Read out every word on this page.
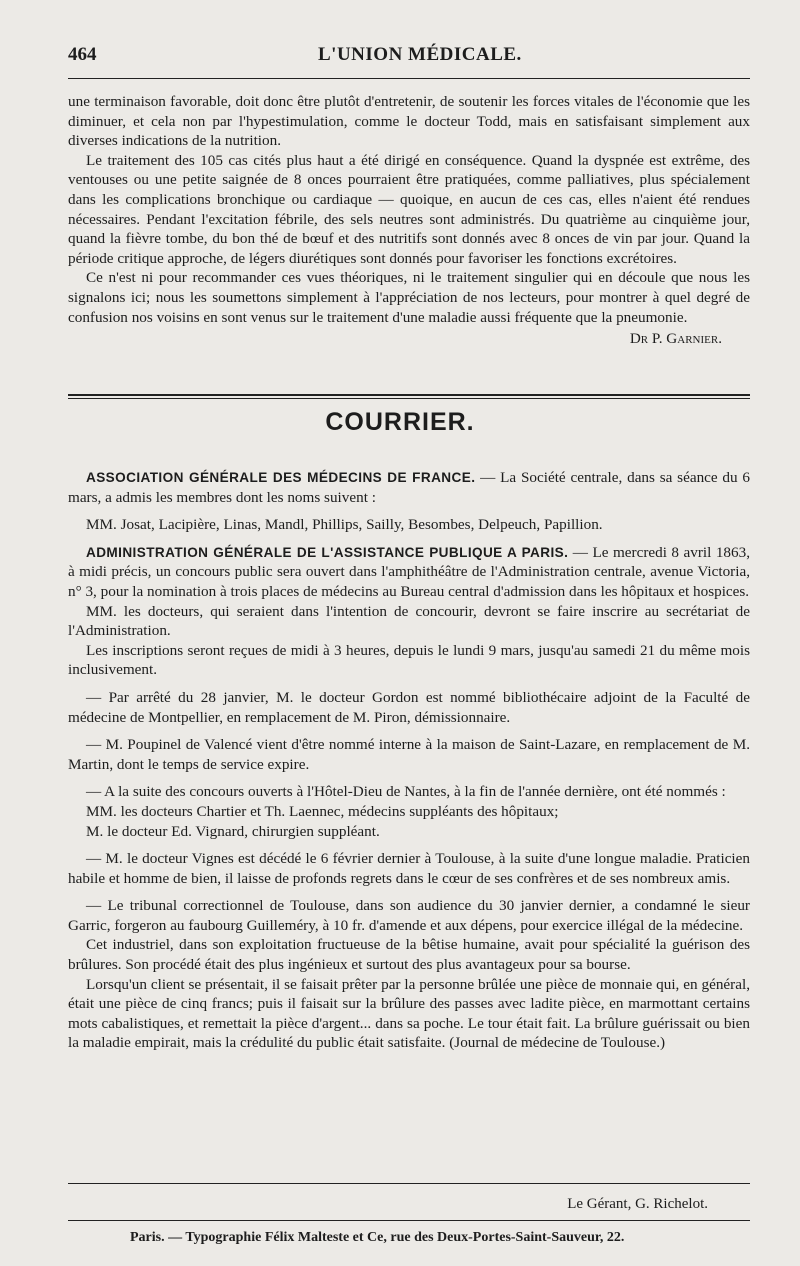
464	L'UNION MÉDICALE.

une terminaison favorable, doit donc être plutôt d'entretenir, de soutenir les forces vitales de l'économie que les diminuer, et cela non par l'hypestimulation, comme le docteur Todd, mais en satisfaisant simplement aux diverses indications de la nutrition.

Le traitement des 105 cas cités plus haut a été dirigé en conséquence. Quand la dyspnée est extrême, des ventouses ou une petite saignée de 8 onces pourraient être pratiquées, comme palliatives, plus spécialement dans les complications bronchique ou cardiaque — quoique, en aucun de ces cas, elles n'aient été rendues nécessaires. Pendant l'excitation fébrile, des sels neutres sont administrés. Du quatrième au cinquième jour, quand la fièvre tombe, du bon thé de bœuf et des nutritifs sont donnés avec 8 onces de vin par jour. Quand la période critique approche, de légers diurétiques sont donnés pour favoriser les fonctions excrétoires.

Ce n'est ni pour recommander ces vues théoriques, ni le traitement singulier qui en découle que nous les signalons ici; nous les soumettons simplement à l'appréciation de nos lecteurs, pour montrer à quel degré de confusion nos voisins en sont venus sur le traitement d'une maladie aussi fréquente que la pneumonie.

Dr P. Garnier.
COURRIER.

ASSOCIATION GÉNÉRALE DES MÉDECINS DE FRANCE. — La Société centrale, dans sa séance du 6 mars, a admis les membres dont les noms suivent :

MM. Josat, Lacipière, Linas, Mandl, Phillips, Sailly, Besombes, Delpeuch, Papillion.

ADMINISTRATION GÉNÉRALE DE L'ASSISTANCE PUBLIQUE A PARIS. — Le mercredi 8 avril 1863, à midi précis, un concours public sera ouvert dans l'amphithéâtre de l'Administration centrale, avenue Victoria, n° 3, pour la nomination à trois places de médecins au Bureau central d'admission dans les hôpitaux et hospices.

MM. les docteurs, qui seraient dans l'intention de concourir, devront se faire inscrire au secrétariat de l'Administration.

Les inscriptions seront reçues de midi à 3 heures, depuis le lundi 9 mars, jusqu'au samedi 21 du même mois inclusivement.

— Par arrêté du 28 janvier, M. le docteur Gordon est nommé bibliothécaire adjoint de la Faculté de médecine de Montpellier, en remplacement de M. Piron, démissionnaire.

— M. Poupinel de Valencé vient d'être nommé interne à la maison de Saint-Lazare, en remplacement de M. Martin, dont le temps de service expire.

— A la suite des concours ouverts à l'Hôtel-Dieu de Nantes, à la fin de l'année dernière, ont été nommés :

MM. les docteurs Chartier et Th. Laennec, médecins suppléants des hôpitaux;

M. le docteur Ed. Vignard, chirurgien suppléant.

— M. le docteur Vignes est décédé le 6 février dernier à Toulouse, à la suite d'une longue maladie. Praticien habile et homme de bien, il laisse de profonds regrets dans le cœur de ses confrères et de ses nombreux amis.

— Le tribunal correctionnel de Toulouse, dans son audience du 30 janvier dernier, a condamné le sieur Garric, forgeron au faubourg Guilleméry, à 10 fr. d'amende et aux dépens, pour exercice illégal de la médecine.

Cet industriel, dans son exploitation fructueuse de la bêtise humaine, avait pour spécialité la guérison des brûlures. Son procédé était des plus ingénieux et surtout des plus avantageux pour sa bourse.

Lorsqu'un client se présentait, il se faisait prêter par la personne brûlée une pièce de monnaie qui, en général, était une pièce de cinq francs; puis il faisait sur la brûlure des passes avec ladite pièce, en marmottant certains mots cabalistiques, et remettait la pièce d'argent... dans sa poche. Le tour était fait. La brûlure guérissait ou bien la maladie empirait, mais la crédulité du public était satisfaite. (Journal de médecine de Toulouse.)

Le Gérant, G. Richelot.
Paris. — Typographie Félix Malteste et Ce, rue des Deux-Portes-Saint-Sauveur, 22.
